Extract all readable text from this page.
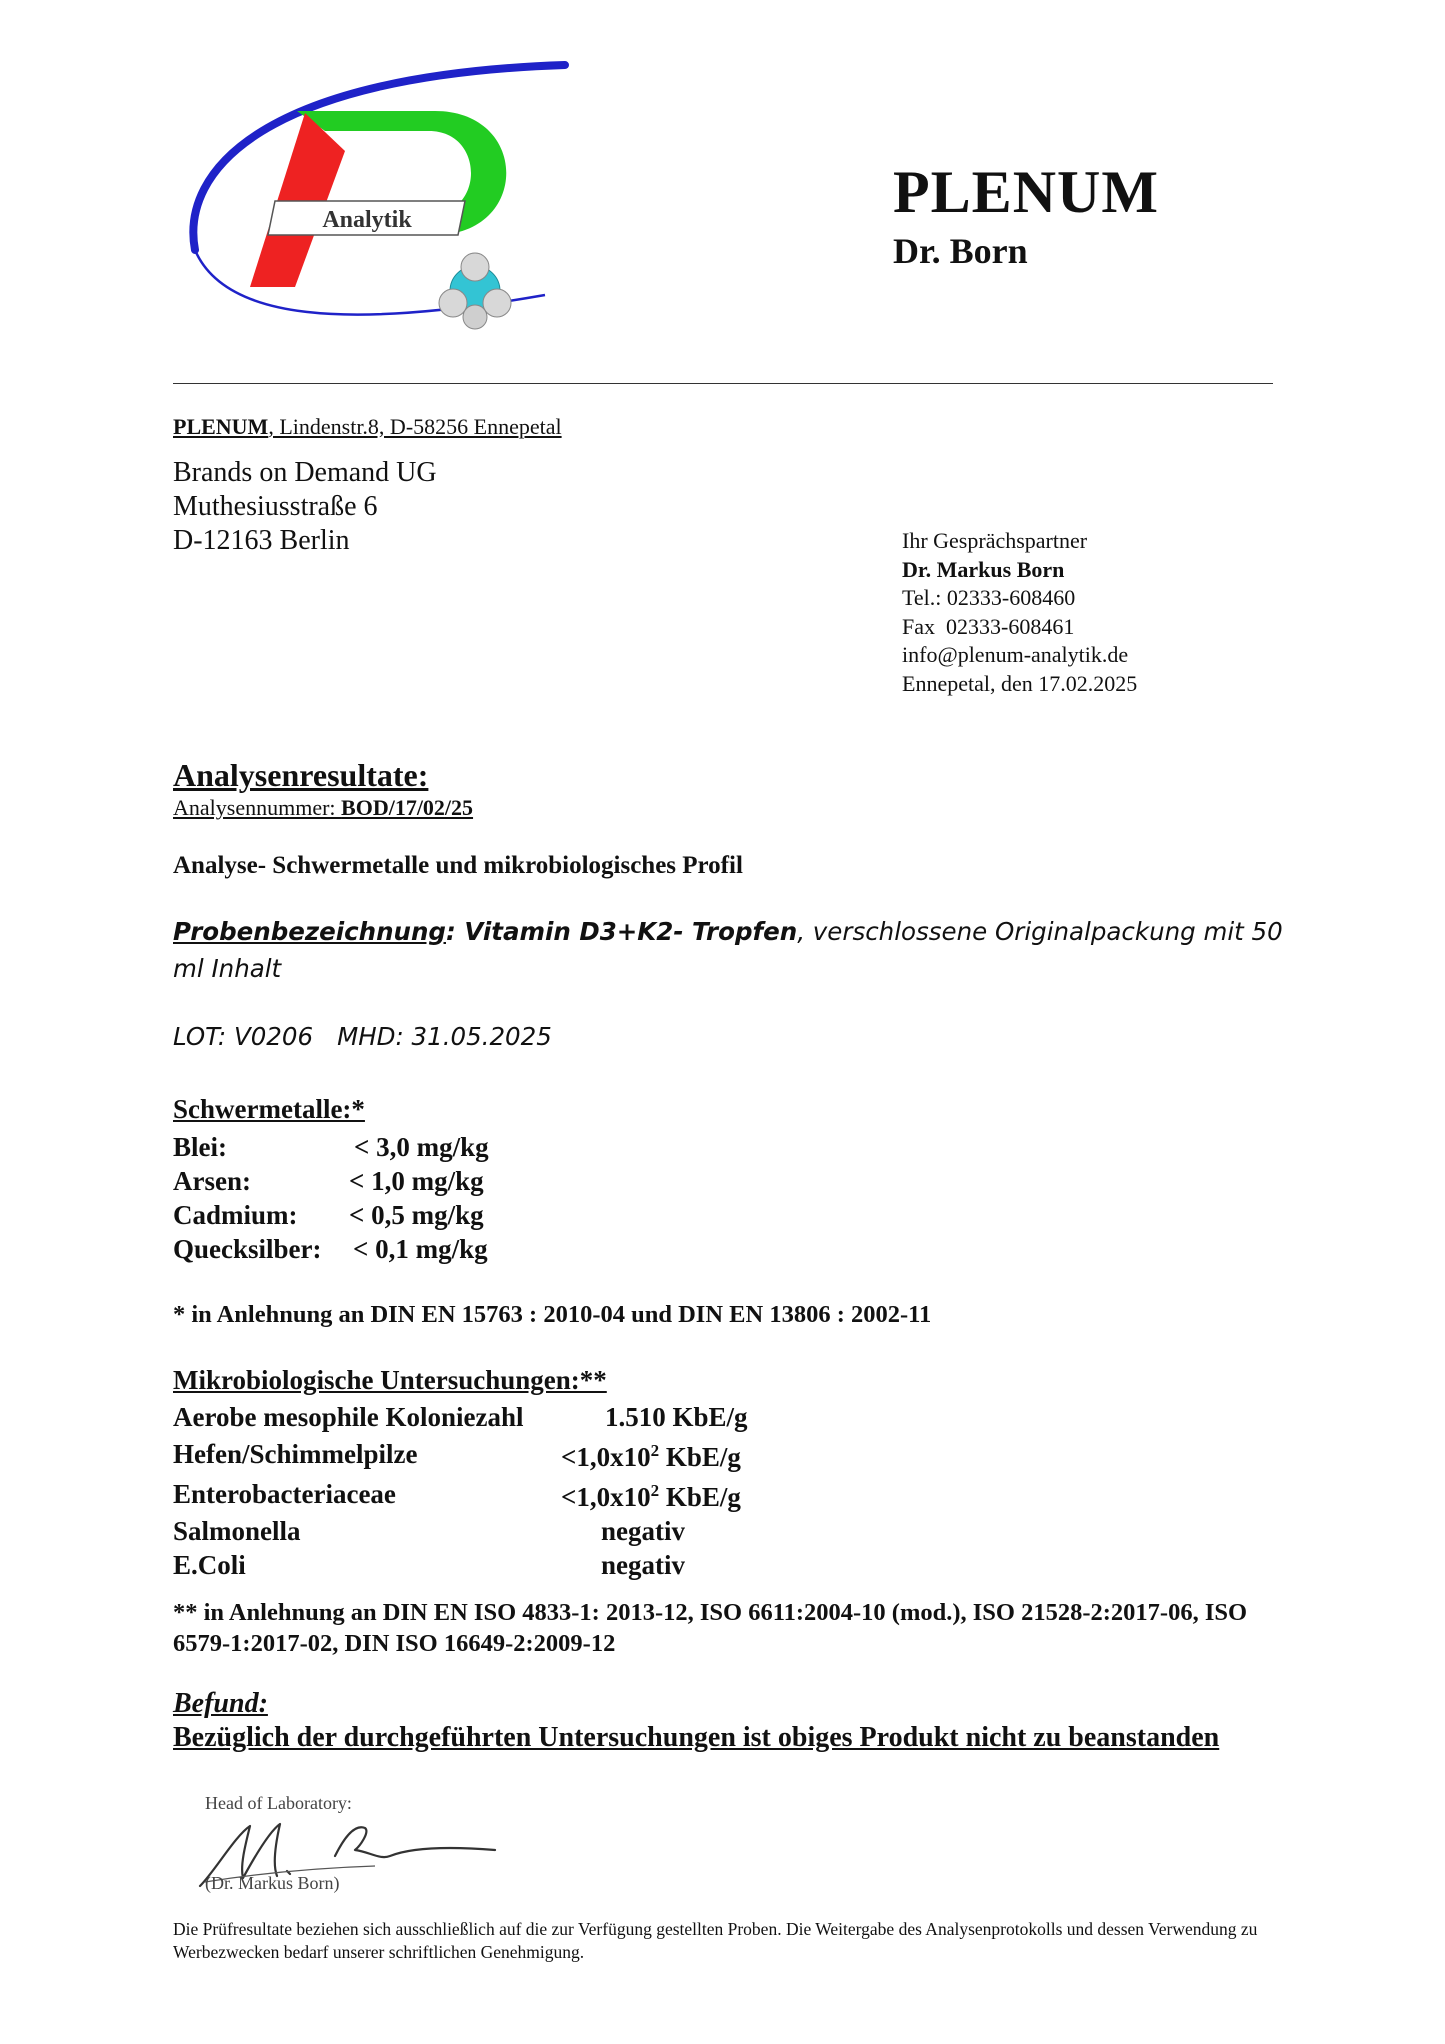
Analytik	PLENUM
Dr. Born
PLENUM, Lindenstr.8, D-58256 Ennepetal
Brands on Demand UG
Muthesiusstraße 6
D-12163 Berlin	Ihr Gesprächspartner
Dr. Markus Born
Tel.: 02333-608460
Fax  02333-608461
info@plenum-analytik.de
Ennepetal, den 17.02.2025
Analysenresultate:
Analysennummer: BOD/17/02/25
Analyse- Schwermetalle und mikrobiologisches Profil
Probenbezeichnung: Vitamin D3+K2- Tropfen, verschlossene Originalpackung mit 50 ml Inhalt
LOT: V0206 MHD: 31.05.2025
Schwermetalle:*
Blei:	< 3,0 mg/kg
Arsen:	< 1,0 mg/kg
Cadmium:	< 0,5 mg/kg
Quecksilber:	< 0,1 mg/kg
* in Anlehnung an DIN EN 15763 : 2010-04 und DIN EN 13806 : 2002-11
Mikrobiologische Untersuchungen:**
Aerobe mesophile Koloniezahl	1.510 KbE/g
Hefen/Schimmelpilze	$<1,0x10^2$ KbE/g
Enterobacteriaceae	$<1,0x10^2$ KbE/g
Salmonella	negativ
E.Coli	negativ
** in Anlehnung an DIN EN ISO 4833-1: 2013-12, ISO 6611:2004-10 (mod.), ISO 21528-2:2017-06, ISO 6579-1:2017-02, DIN ISO 16649-2:2009-12
Befund:
Bezüglich der durchgeführten Untersuchungen ist obiges Produkt nicht zu beanstanden
Head of Laboratory:
(Dr. Markus Born)
Die Prüfresultate beziehen sich ausschließlich auf die zur Verfügung gestellten Proben. Die Weitergabe des Analysenprotokolls und dessen Verwendung zu Werbezwecken bedarf unserer schriftlichen Genehmigung.
